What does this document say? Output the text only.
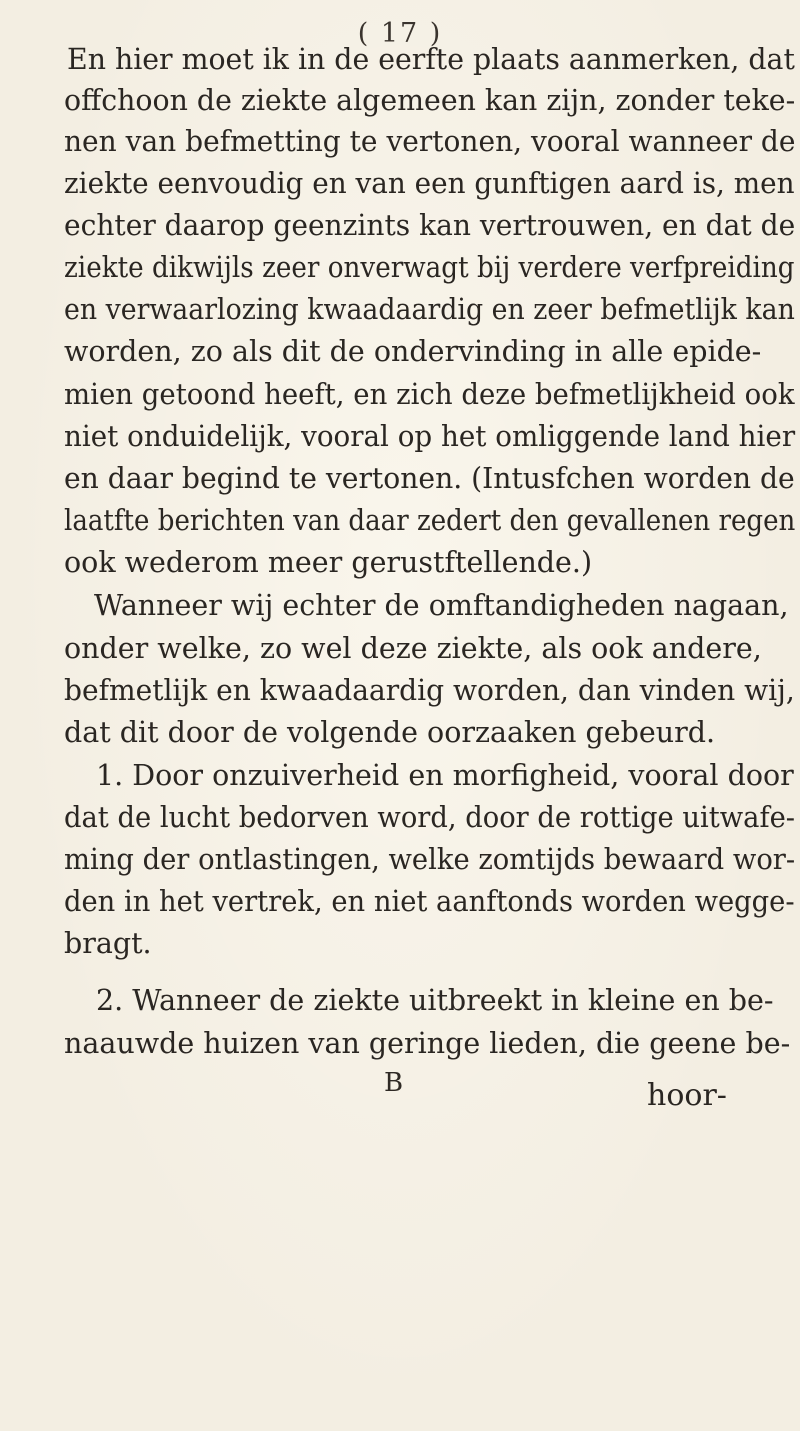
( 17 )
En hier moet ik in de eerfte plaats aanmerken, dat
offchoon de ziekte algemeen kan zijn, zonder teke-
nen van befmetting te vertonen, vooral wanneer de
ziekte eenvoudig en van een gunftigen aard is, men
echter daarop geenzints kan vertrouwen, en dat de
ziekte dikwijls zeer onverwagt bij verdere verfpreiding
en verwaarlozing kwaadaardig en zeer befmetlijk kan
worden, zo als dit de ondervinding in alle epide-
mien getoond heeft, en zich deze befmetlijkheid ook
niet onduidelijk, vooral op het omliggende land hier
en daar begind te vertonen. (Intusfchen worden de
laatfte berichten van daar zedert den gevallenen regen
ook wederom meer gerustftellende.)
Wanneer wij echter de omftandigheden nagaan,
onder welke, zo wel deze ziekte, als ook andere,
befmetlijk en kwaadaardig worden, dan vinden wij,
dat dit door de volgende oorzaaken gebeurd.
1. Door onzuiverheid en morfigheid, vooral door
dat de lucht bedorven word, door de rottige uitwafe-
ming der ontlastingen, welke zomtijds bewaard wor-
den in het vertrek, en niet aanftonds worden wegge-
bragt.
2. Wanneer de ziekte uitbreekt in kleine en be-
naauwde huizen van geringe lieden, die geene be-
B	hoor-
